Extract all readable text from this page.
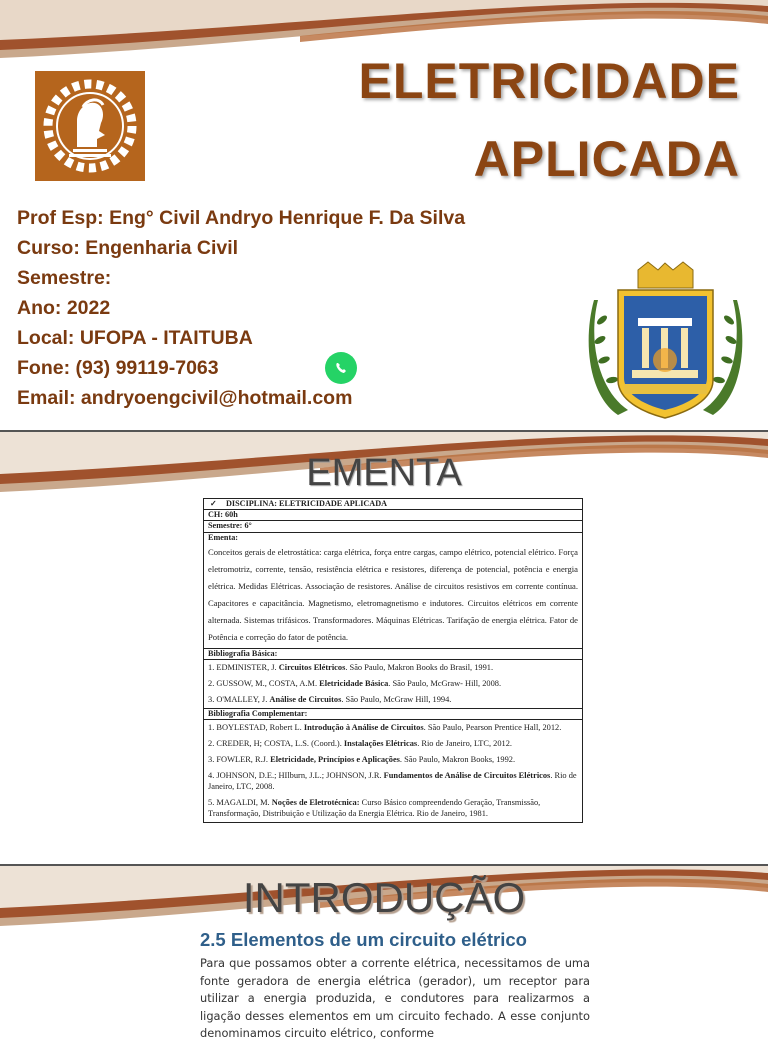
ELETRICIDADE
APLICADA
Prof Esp: Eng° Civil Andryo Henrique F. Da Silva
Curso: Engenharia Civil
Semestre:
Ano: 2022
Local: UFOPA - ITAITUBA
Fone: (93) 99119-7063
Email: andryoengcivil@hotmail.com
EMENTA
✓ DISCIPLINA: ELETRICIDADE APLICADA
CH: 60h
Semestre: 6°
Ementa:
Conceitos gerais de eletrostática: carga elétrica, força entre cargas, campo elétrico, potencial elétrico. Força eletromotriz, corrente, tensão, resistência elétrica e resistores, diferença de potencial, potência e energia elétrica. Medidas Elétricas. Associação de resistores. Análise de circuitos resistivos em corrente contínua. Capacitores e capacitância. Magnetismo, eletromagnetismo e indutores. Circuitos elétricos em corrente alternada. Sistemas trifásicos. Transformadores. Máquinas Elétricas. Tarifação de energia elétrica. Fator de Potência e correção do fator de potência.
Bibliografia Básica:
1. EDMINISTER, J. Circuitos Elétricos. São Paulo, Makron Books do Brasil, 1991.
2. GUSSOW, M., COSTA, A.M. Eletricidade Básica. São Paulo, McGraw- Hill, 2008.
3. O'MALLEY, J. Análise de Circuitos. São Paulo, McGraw Hill, 1994.
Bibliografia Complementar:
1. BOYLESTAD, Robert L. Introdução à Análise de Circuitos. São Paulo, Pearson Prentice Hall, 2012.
2. CREDER, H; COSTA, L.S. (Coord.). Instalações Elétricas. Rio de Janeiro, LTC, 2012.
3. FOWLER, R.J. Eletricidade, Princípios e Aplicações. São Paulo, Makron Books, 1992.
4. JOHNSON, D.E.; HIlburn, J.L.; JOHNSON, J.R. Fundamentos de Análise de Circuitos Elétricos. Rio de Janeiro, LTC, 2008.
5. MAGALDI, M. Noções de Eletrotécnica: Curso Básico compreendendo Geração, Transmissão, Transformação, Distribuição e Utilização da Energia Elétrica. Rio de Janeiro, 1981.
INTRODUÇÃO
2.5 Elementos de um circuito elétrico
Para que possamos obter a corrente elétrica, necessitamos de uma fonte geradora de energia elétrica (gerador), um receptor para utilizar a energia produzida, e condutores para realizarmos a ligação desses elementos em um circuito fechado. A esse conjunto denominamos circuito elétrico, conforme
